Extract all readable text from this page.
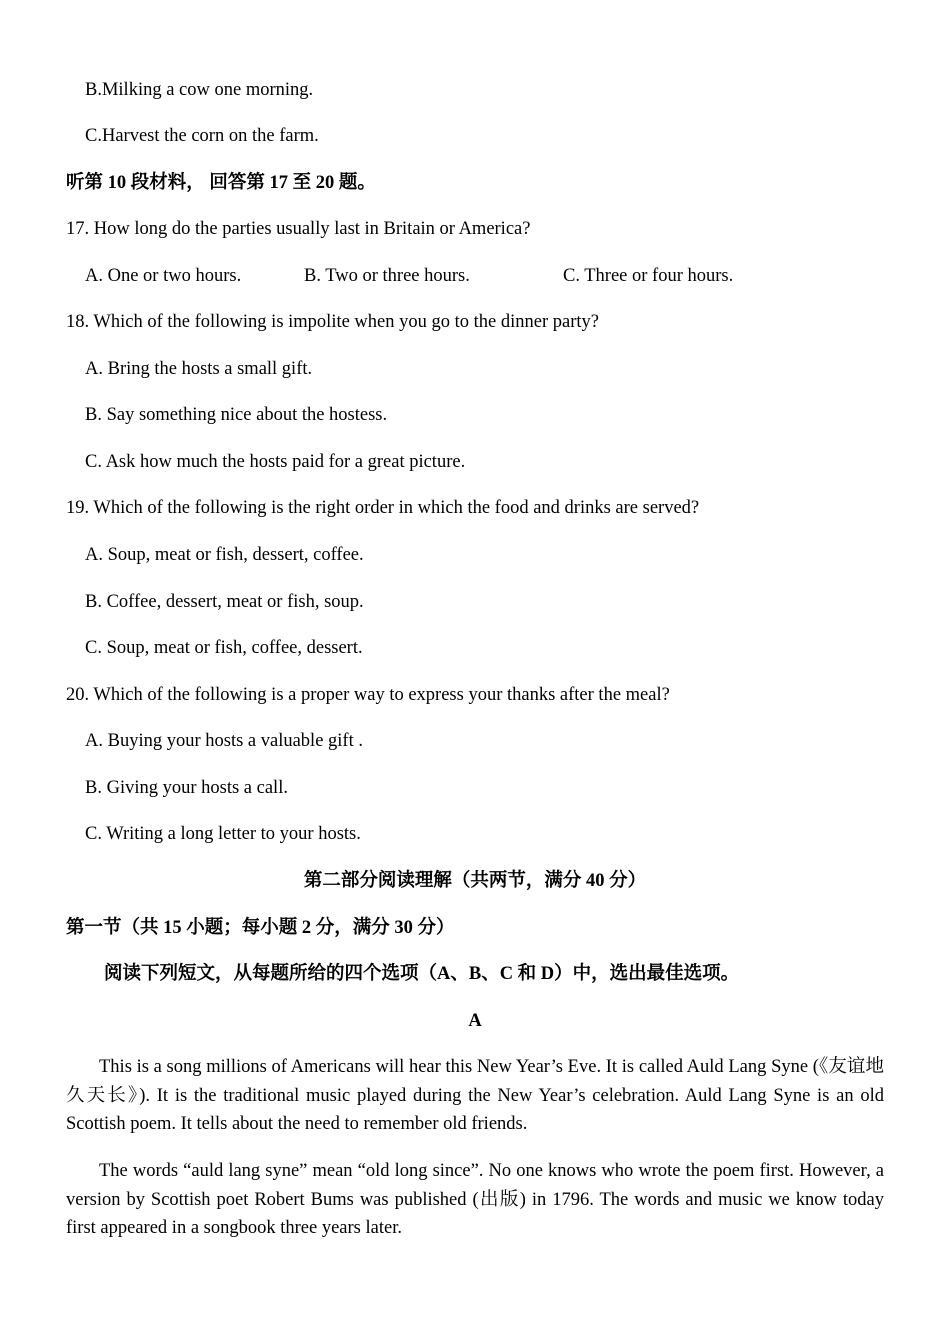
B.Milking a cow one morning.
C.Harvest the corn on the farm.
听第 10 段材料， 回答第 17 至 20 题。
17. How long do the parties usually last in Britain or America?
A. One or two hours.	B. Two or three hours.	C. Three or four hours.
18. Which of the following is impolite when you go to the dinner party?
A. Bring the hosts a small gift.
B. Say something nice about the hostess.
C. Ask how much the hosts paid for a great picture.
19. Which of the following is the right order in which the food and drinks are served?
A. Soup, meat or fish, dessert, coffee.
B. Coffee, dessert, meat or fish, soup.
C. Soup, meat or fish, coffee, dessert.
20. Which of the following is a proper way to express your thanks after the meal?
A. Buying your hosts a valuable gift .
B. Giving your hosts a call.
C. Writing a long letter to your hosts.
第二部分阅读理解（共两节，满分 40 分）
第一节（共 15 小题；每小题 2 分，满分 30 分）
阅读下列短文，从每题所给的四个选项（A、B、C 和 D）中，选出最佳选项。
A

This is a song millions of Americans will hear this New Year’s Eve. It is called Auld Lang Syne (《友谊地久天长》). It is the traditional music played during the New Year’s celebration. Auld Lang Syne is an old Scottish poem. It tells about the need to remember old friends.

The words “auld lang syne” mean “old long since”. No one knows who wrote the poem first. However, a version by Scottish poet Robert Bums was published (出版) in 1796. The words and music we know today first appeared in a songbook three years later.
